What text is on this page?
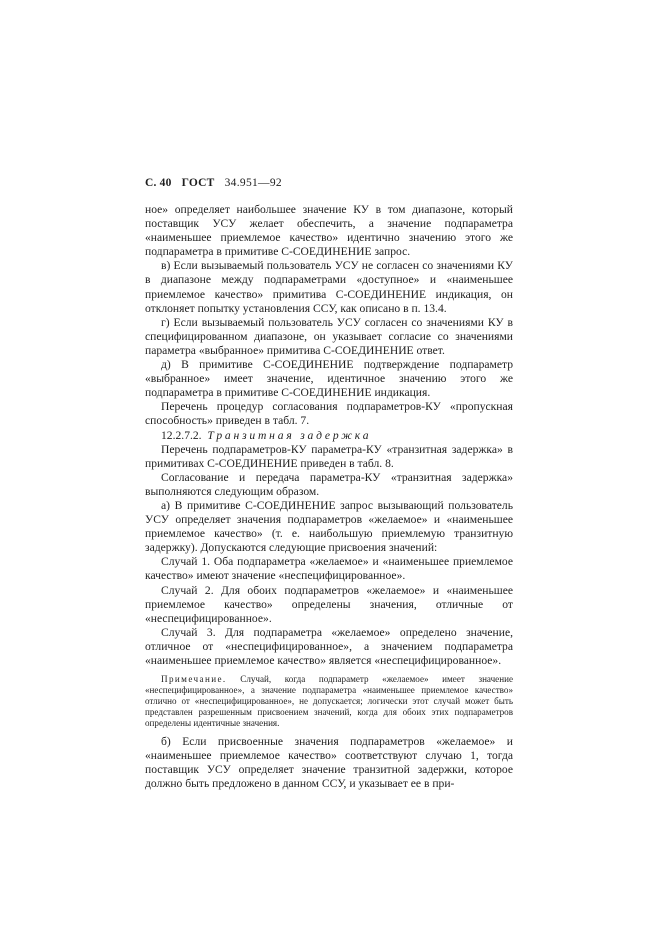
С. 40 ГОСТ 34.951—92

ное» определяет наибольшее значение КУ в том диапазоне, который поставщик УСУ желает обеспечить, а значение подпараметра «наименьшее приемлемое качество» идентично значению этого же подпараметра в примитиве С-СОЕДИНЕНИЕ запрос.

в) Если вызываемый пользователь УСУ не согласен со значениями КУ в диапазоне между подпараметрами «доступное» и «наименьшее приемлемое качество» примитива С-СОЕДИНЕНИЕ индикация, он отклоняет попытку установления ССУ, как описано в п. 13.4.

г) Если вызываемый пользователь УСУ согласен со значениями КУ в специфицированном диапазоне, он указывает согласие со значениями параметра «выбранное» примитива С-СОЕДИНЕНИЕ ответ.

д) В примитиве С-СОЕДИНЕНИЕ подтверждение подпараметр «выбранное» имеет значение, идентичное значению этого же подпараметра в примитиве С-СОЕДИНЕНИЕ индикация.

Перечень процедур согласования подпараметров-КУ «пропускная способность» приведен в табл. 7.

12.2.7.2. Транзитная задержка

Перечень подпараметров-КУ параметра-КУ «транзитная задержка» в примитивах С-СОЕДИНЕНИЕ приведен в табл. 8.

Согласование и передача параметра-КУ «транзитная задержка» выполняются следующим образом.

а) В примитиве С-СОЕДИНЕНИЕ запрос вызывающий пользователь УСУ определяет значения подпараметров «желаемое» и «наименьшее приемлемое качество» (т. е. наибольшую приемлемую транзитную задержку). Допускаются следующие присвоения значений:

Случай 1. Оба подпараметра «желаемое» и «наименьшее приемлемое качество» имеют значение «неспецифицированное».

Случай 2. Для обоих подпараметров «желаемое» и «наименьшее приемлемое качество» определены значения, отличные от «неспецифицированное».

Случай 3. Для подпараметра «желаемое» определено значение, отличное от «неспецифицированное», а значением подпараметра «наименьшее приемлемое качество» является «неспецифицированное».

Примечание. Случай, когда подпараметр «желаемое» имеет значение «неспецифицированное», а значение подпараметра «наименьшее приемлемое качество» отлично от «неспецифицированное», не допускается; логически этот случай может быть представлен разрешенным присвоением значений, когда для обоих этих подпараметров определены идентичные значения.

б) Если присвоенные значения подпараметров «желаемое» и «наименьшее приемлемое качество» соответствуют случаю 1, тогда поставщик УСУ определяет значение транзитной задержки, которое должно быть предложено в данном ССУ, и указывает ее в при-
